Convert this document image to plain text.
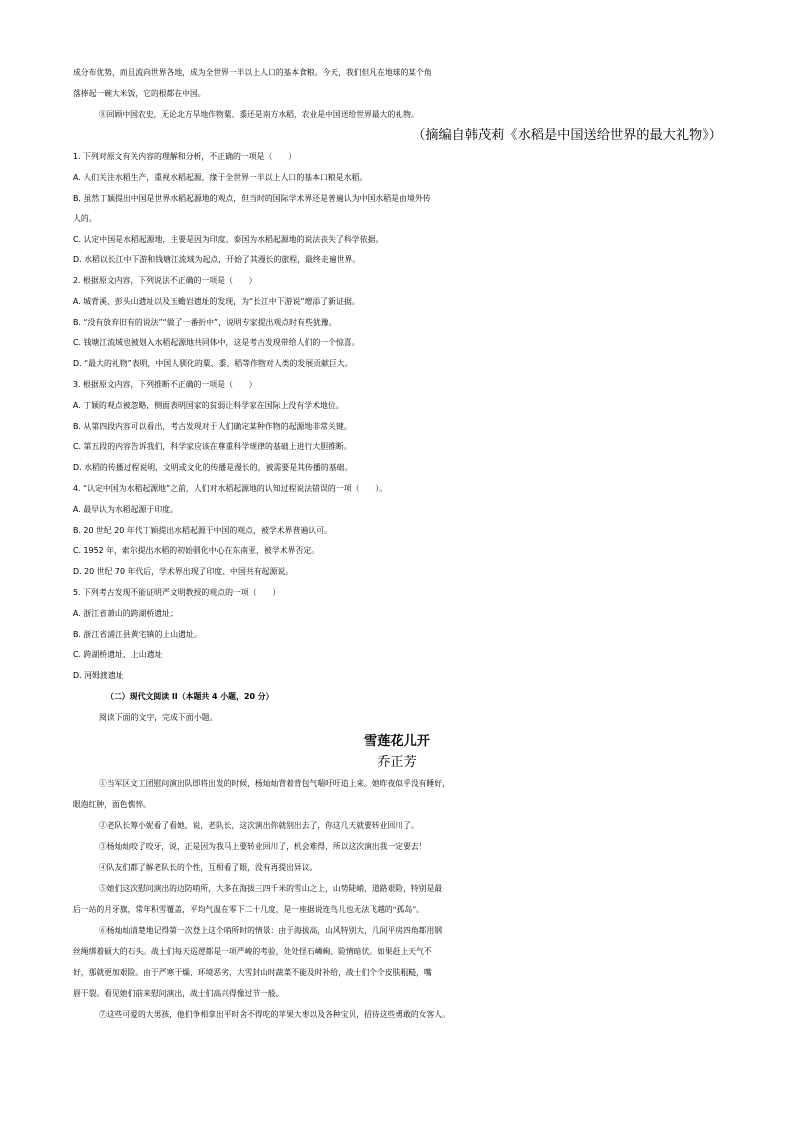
成分布优势，而且流向世界各地，成为全世界一半以上人口的基本食粮。今天，我们但凡在地球的某个角
落捧起一碗大米饭，它的根都在中国。
⑧回顾中国农史，无论北方旱地作物粟、黍还是南方水稻，农业是中国送给世界最大的礼物。
（摘编自韩茂莉《水稻是中国送给世界的最大礼物》）
1. 下列对原文有关内容的理解和分析，不正确的一项是（　　）
A. 人们关注水稻生产，重视水稻起源，缘于全世界一半以上人口的基本口粮是水稻。
B. 虽然丁颖提出中国是世界水稻起源地的观点，但当时的国际学术界还是普遍认为中国水稻是由境外传
人的。
C. 认定中国是水稻起源地，主要是因为印度、泰国为水稻起源地的说法丧失了科学依据。
D. 水稻以长江中下游和钱塘江流域为起点，开始了其漫长的旅程，最终走遍世界。
2. 根据原文内容，下列说法不正确的一项是（　　）
A. 城背溪、彭头山遗址以及玉蟾岩遗址的发现，为“长江中下游说”增添了新证据。
B. “没有放弃旧有的说法”“做了一番折中”，说明专家提出观点时有些犹豫。
C. 钱塘江流域也被划入水稻起源地共同体中，这是考古发现带给人们的一个惊喜。
D. “最大的礼物”表明，中国人驯化的粟、黍、稻等作物对人类的发展贡献巨大。
3. 根据原文内容，下列推断不正确的一项是（　　）
A. 丁颖的观点被忽略，侧面表明国家的贫弱让科学家在国际上没有学术地位。
B. 从第四段内容可以看出，考古发现对于人们确定某种作物的起源地非常关键。
C. 第五段的内容告诉我们，科学家应该在尊重科学规律的基础上进行大胆推断。
D. 水稻的传播过程说明，文明或文化的传播是漫长的，被需要是其传播的基础。
4. “认定中国为水稻起源地”之前，人们对水稻起源地的认知过程说法错误的一项（　　）。
A. 最早认为水稻起源于印度。
B. 20 世纪 20 年代丁颖提出水稻起源于中国的观点，被学术界普遍认可。
C. 1952 年，索尔提出水稻的初始驯化中心在东南亚，被学术界否定。
D. 20 世纪 70 年代后，学术界出现了印度、中国共有起源说。
5. 下列考古发现不能证明严文明教授的观点的一项（　　）
A. 浙江省萧山的跨湖桥遗址；
B. 浙江省浦江县黄宅镇的上山遗址。
C. 跨湖桥遗址、上山遗址
D. 河姆渡遗址
（二）现代文阅读 II（本题共 4 小题，20 分）
阅读下面的文字，完成下面小题。
雪莲花儿开
乔正芳
①当军区文工团慰问演出队即将出发的时候，杨灿灿背着背包气喘吁吁追上来。她昨夜似乎没有睡好，
眼泡红肿，面色憔悴。
②老队长筹小妮看了看她，说，老队长，这次演出你就别出去了，你这几天就要转业回川了。
③杨灿灿咬了咬牙，说，正是因为我马上要转业回川了，机会难得，所以这次演出我一定要去！
④队友们都了解老队长的个性，互相看了眼，没有再提出异议。
⑤她们这次慰问演出的边防哨所，大多在海拔三四千米的雪山之上，山势陡峭，道路艰险，特别是最
后一站的月牙旗，常年积雪覆盖，平均气温在零下二十几度，是一座据说连鸟儿也无法飞越的“孤岛”。
⑥杨灿灿清楚地记得第一次登上这个哨所时的情景：由于海拔高，山风特别大，几间平房四角都用钢
丝绳绑着硕大的石头。战士们每天巡逻都是一项严峻的考验，处处怪石嶙峋、险情暗伏。如果赶上天气不
好，那就更加艰险。由于严寒干燥、环境恶劣，大雪封山时蔬菜不能及时补给，战士们个个皮肤粗糙，嘴
唇干裂。看见她们前来慰问演出，战士们高兴得像过节一般。
⑦这些可爱的大男孩，他们争相拿出平时舍不得吃的苹果大枣以及各种宝贝，招待这些勇敢的女客人。
